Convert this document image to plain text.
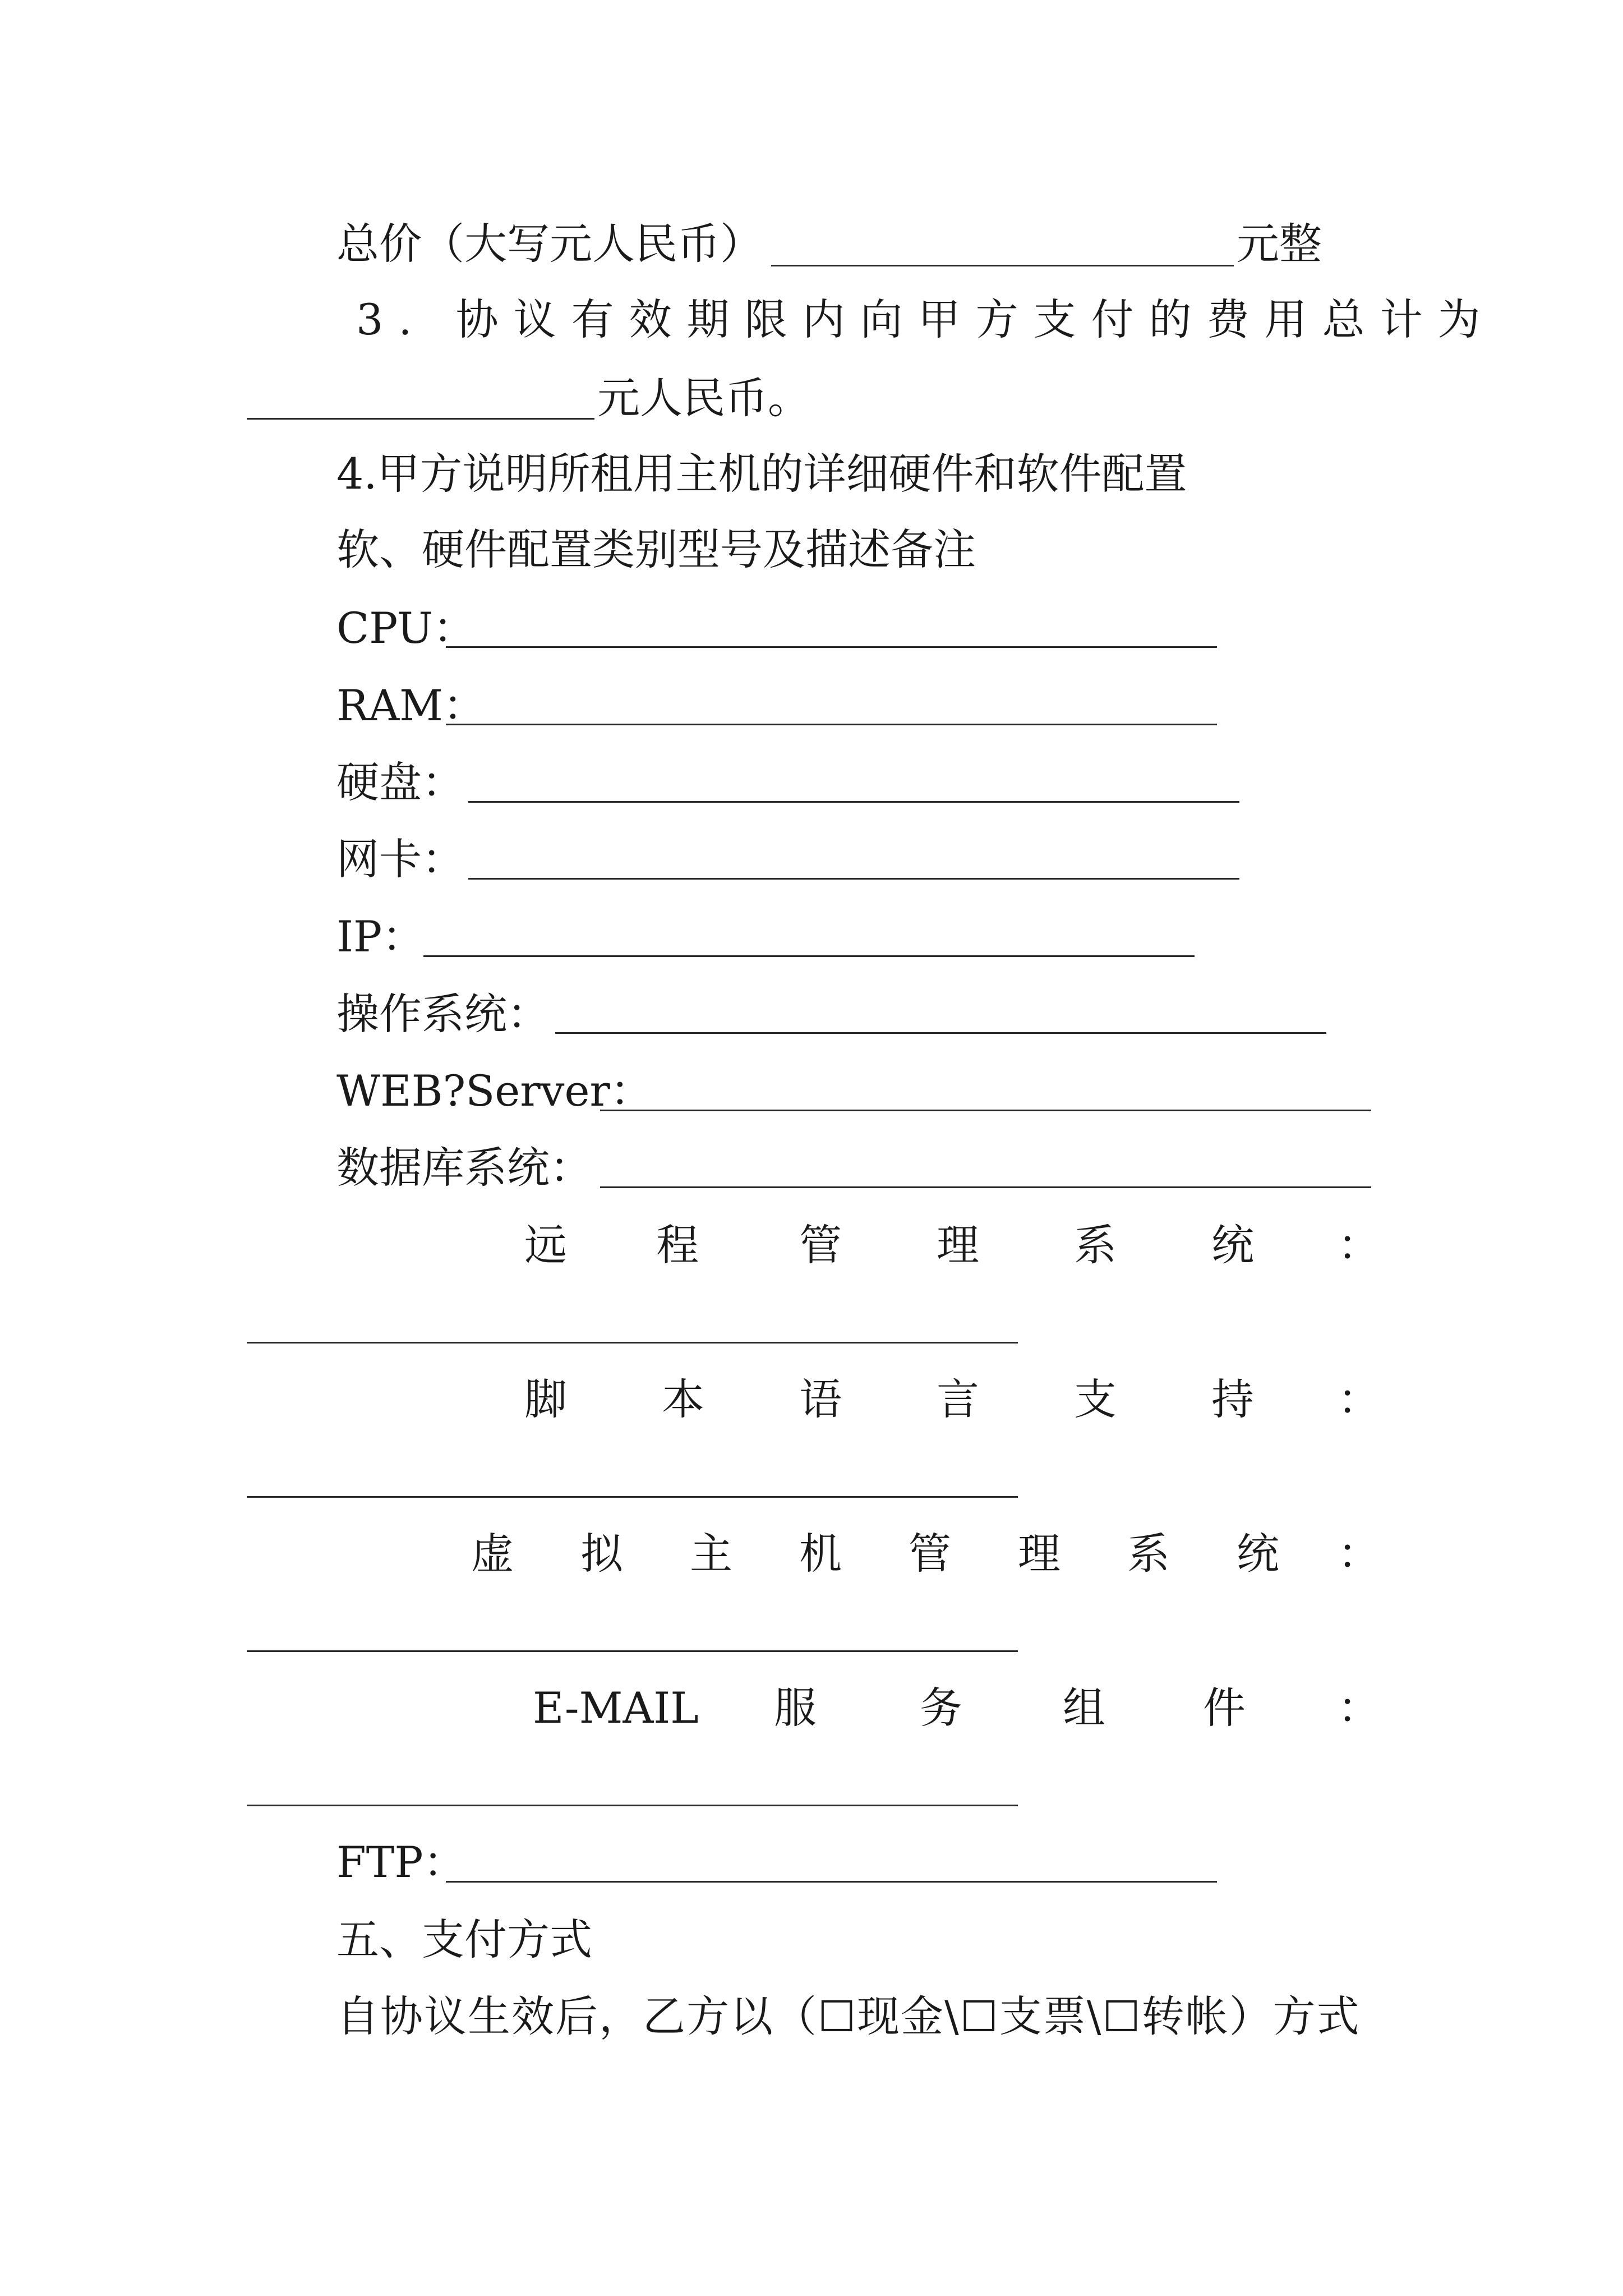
总价（大写元人民币）	元整
3. 协议有效期限内向甲方支付的费用总计为
元人民币。
4.甲方说明所租用主机的详细硬件和软件配置
软、硬件配置类别型号及描述备注
CPU：
RAM：
硬盘：
网卡：
IP：
操作系统：
WEB?Server：
数据库系统：
远 程 管 理 系 统 ：
脚 本 语 言 支 持 ：
虚 拟 主 机 管 理 系 统 ：
E-MAIL 服 务 组 件 ：
FTP：
五、支付方式
自协议生效后，乙方以（☐现金\☐支票\☐转帐）方式
